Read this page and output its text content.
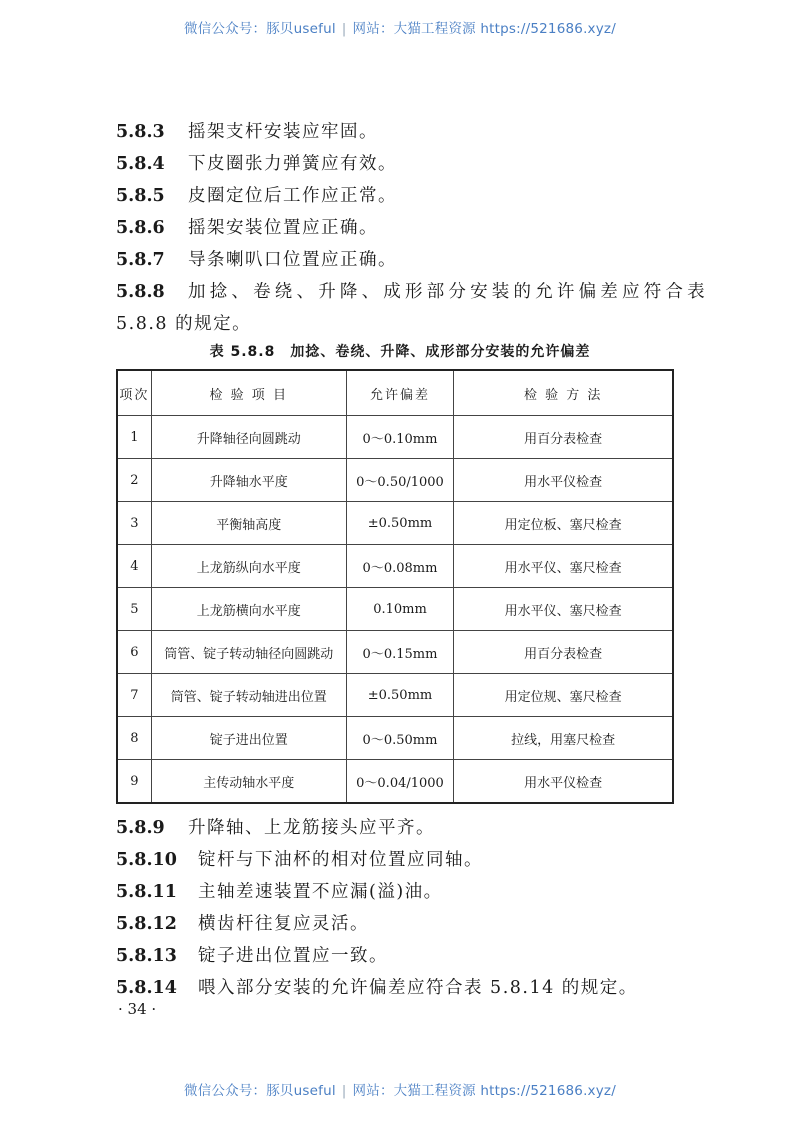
微信公众号：豚贝useful | 网站：大猫工程资源 https://521686.xyz/
5.8.3 摇架支杆安装应牢固。
5.8.4 下皮圈张力弹簧应有效。
5.8.5 皮圈定位后工作应正常。
5.8.6 摇架安装位置应正确。
5.8.7 导条喇叭口位置应正确。
5.8.8 加捻、卷绕、升降、成形部分安装的允许偏差应符合表
5.8.8 的规定。
表 5.8.8　加捻、卷绕、升降、成形部分安装的允许偏差
项次	检 验 项 目	允许偏差	检 验 方 法
1	升降轴径向圆跳动	0～0.10mm	用百分表检查
2	升降轴水平度	0～0.50/1000	用水平仪检查
3	平衡轴高度	±0.50mm	用定位板、塞尺检查
4	上龙筋纵向水平度	0～0.08mm	用水平仪、塞尺检查
5	上龙筋横向水平度	0.10mm	用水平仪、塞尺检查
6	筒管、锭子转动轴径向圆跳动	0～0.15mm	用百分表检查
7	筒管、锭子转动轴进出位置	±0.50mm	用定位规、塞尺检查
8	锭子进出位置	0～0.50mm	拉线，用塞尺检查
9	主传动轴水平度	0～0.04/1000	用水平仪检查
5.8.9 升降轴、上龙筋接头应平齐。
5.8.10 锭杆与下油杯的相对位置应同轴。
5.8.11 主轴差速装置不应漏(溢)油。
5.8.12 横齿杆往复应灵活。
5.8.13 锭子进出位置应一致。
5.8.14 喂入部分安装的允许偏差应符合表 5.8.14 的规定。
· 34 ·
微信公众号：豚贝useful | 网站：大猫工程资源 https://521686.xyz/
